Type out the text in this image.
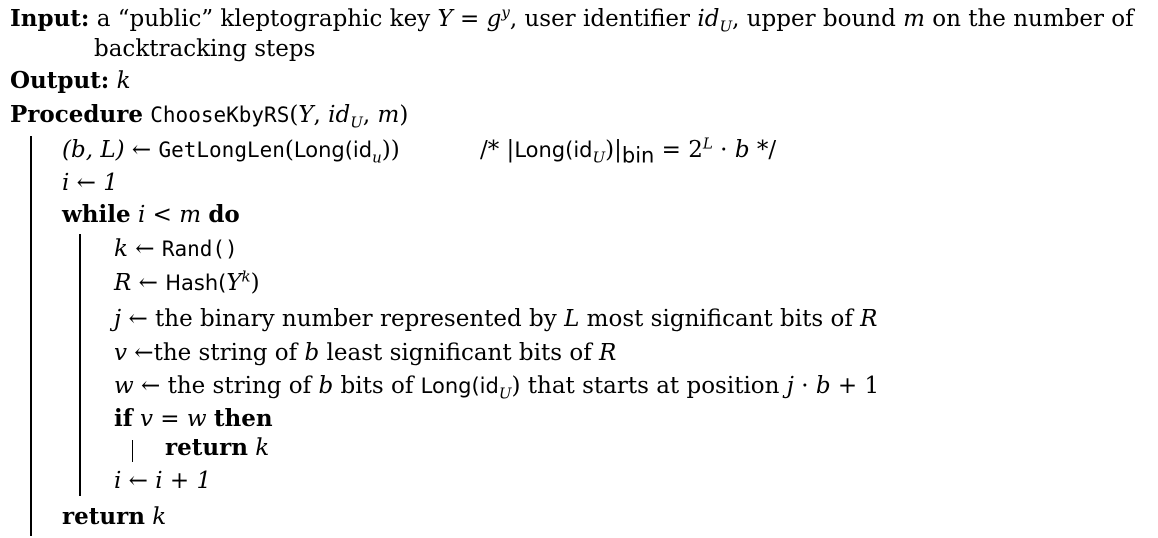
Input: a “public” kleptographic key $Y = g^y$, user identifier $id_U$, upper bound m on the number of
backtracking steps
Output: k
Procedure ChooseKbyRS(Y, $id_U$, m)
(b, L) ← $GetLongLen(Long(id_u))$	/* $|Long(id_U)|_{bin} = 2^L \cdot b$ */
i ← 1
while i < m do
k ← Rand()
R ← $Hash(Y^k)$
j ← the binary number represented by L most significant bits of R
v ←the string of b least significant bits of R
w ← the string of b bits of $Long(id_U)$ that starts at position j · b + 1
if v = w then
return k
i ← i + 1
return k
